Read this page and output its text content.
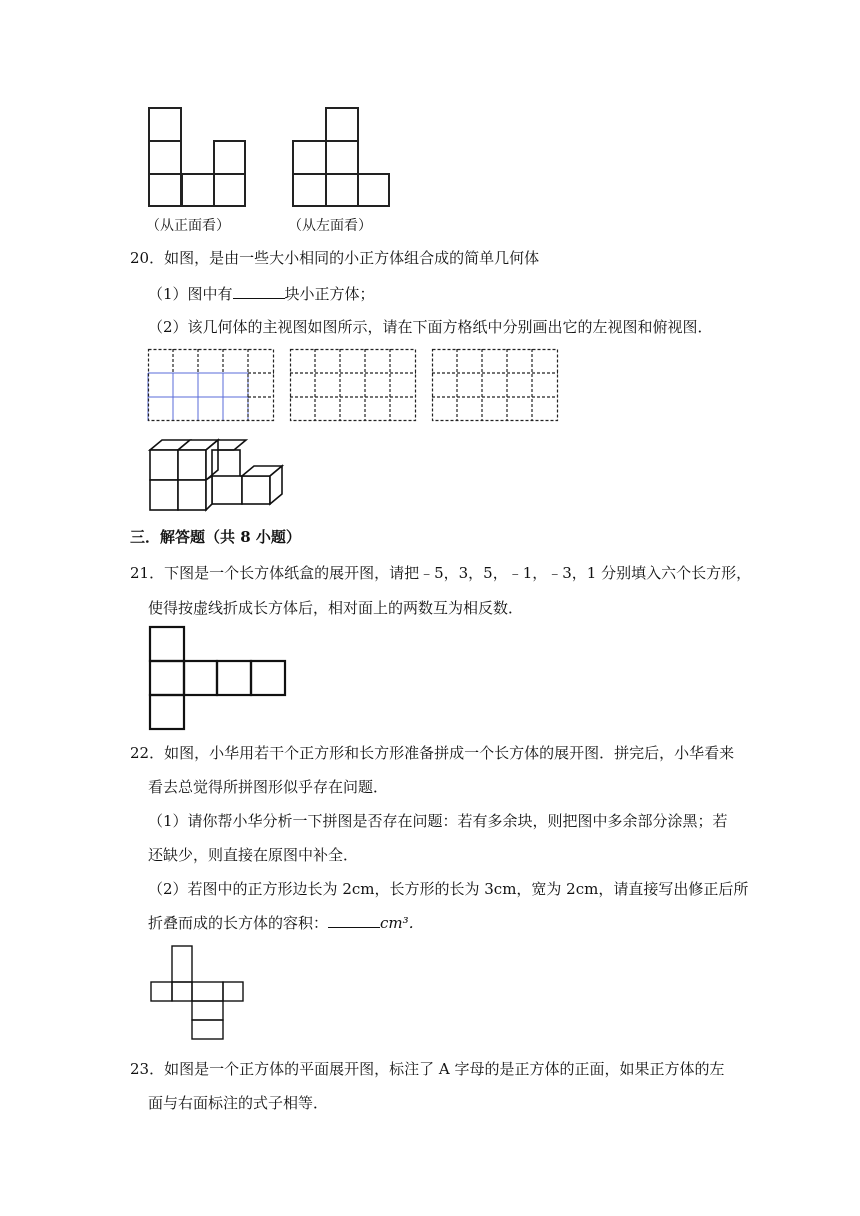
（从正面看）	（从左面看）
20．如图，是由一些大小相同的小正方体组合成的简单几何体
（1）图中有	块小正方体；
（2）该几何体的主视图如图所示，请在下面方格纸中分别画出它的左视图和俯视图．
三．解答题（共 8 小题）
21．下图是一个长方体纸盒的展开图，请把﹣5，3，5，﹣1，﹣3，1 分别填入六个长方形，
使得按虚线折成长方体后，相对面上的两数互为相反数．
22．如图，小华用若干个正方形和长方形准备拼成一个长方体的展开图．拼完后，小华看来
看去总觉得所拼图形似乎存在问题．
（1）请你帮小华分析一下拼图是否存在问题：若有多余块，则把图中多余部分涂黑；若
还缺少，则直接在原图中补全．
（2）若图中的正方形边长为 2cm，长方形的长为 3cm，宽为 2cm，请直接写出修正后所
折叠而成的长方体的容积：	cm³．
23．如图是一个正方体的平面展开图，标注了 A 字母的是正方体的正面，如果正方体的左
面与右面标注的式子相等．
